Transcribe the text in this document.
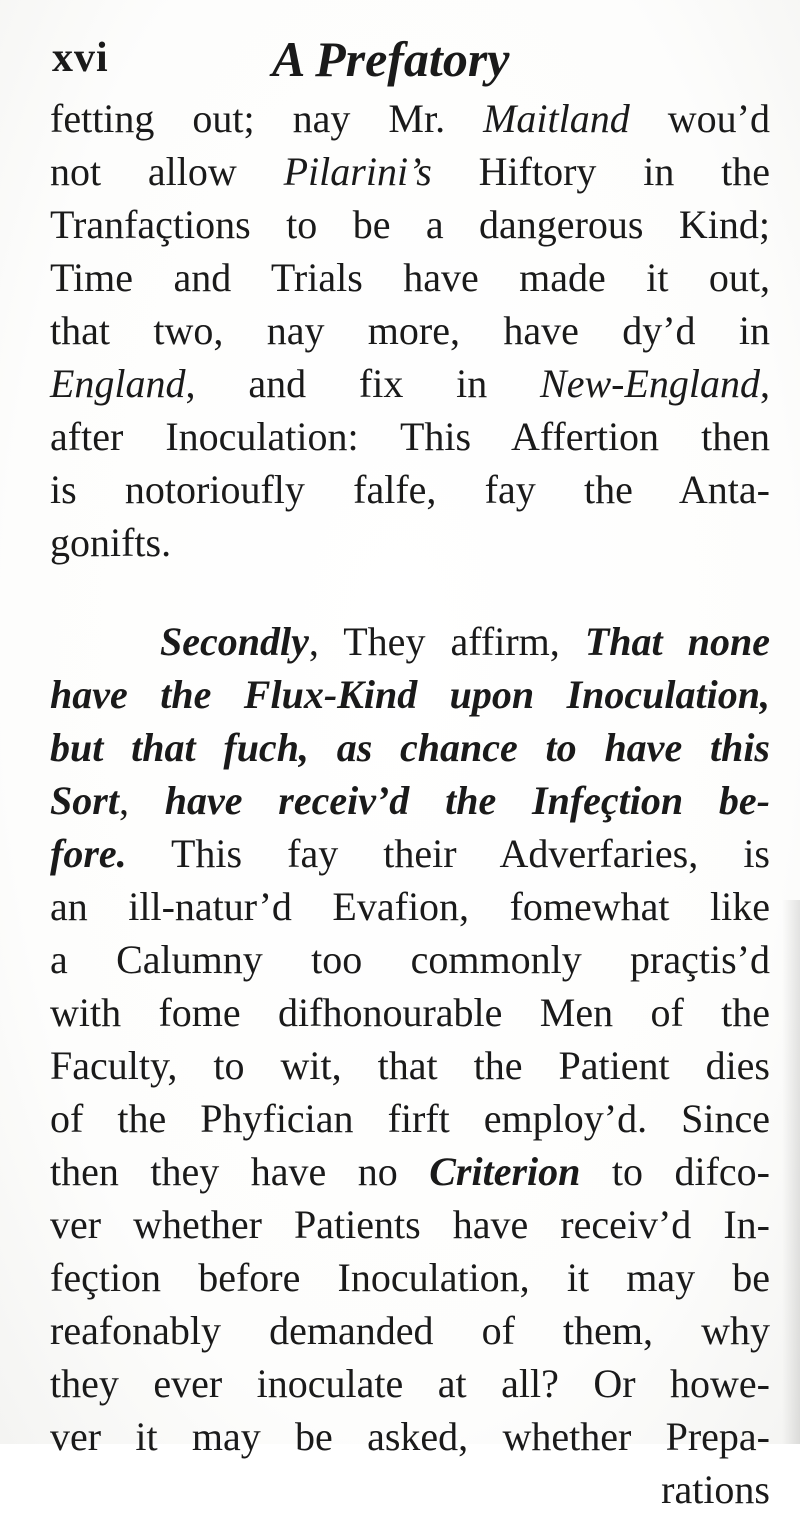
xvi	A Prefatory
fetting out; nay Mr. Maitland wou’d
not allow Pilarini’s Hiftory in the
Tranfaçtions to be a dangerous Kind;
Time and Trials have made it out,
that two, nay more, have dy’d in
England, and fix in New-England,
after Inoculation: This Affertion then
is notorioufly falfe, fay the Anta-
gonifts.
Secondly, They affirm, That none
have the Flux-Kind upon Inoculation,
but that fuch, as chance to have this
Sort, have receiv’d the Infeçtion be-
fore. This fay their Adverfaries, is
an ill-natur’d Evafion, fomewhat like
a Calumny too commonly praçtis’d
with fome difhonourable Men of the
Faculty, to wit, that the Patient dies
of the Phyfician firft employ’d. Since
then they have no Criterion to difco-
ver whether Patients have receiv’d In-
feçtion before Inoculation, it may be
reafonably demanded of them, why
they ever inoculate at all? Or howe-
ver it may be asked, whether Prepa-
rations
